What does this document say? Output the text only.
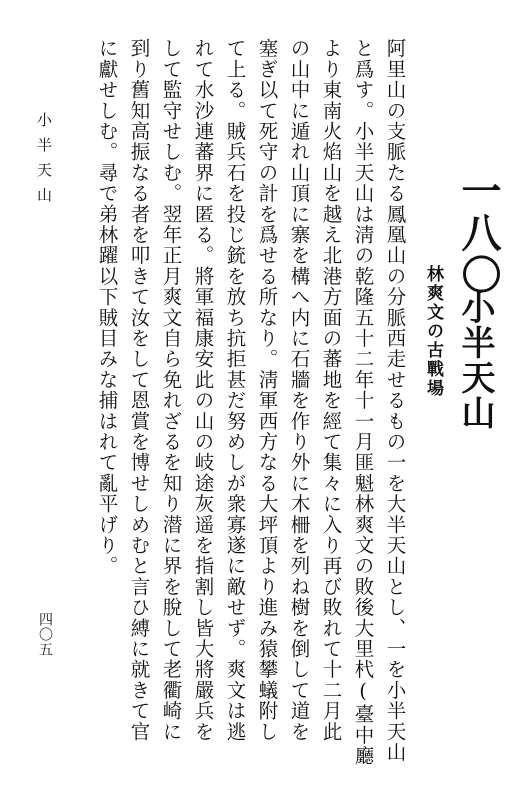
一八〇
小半天山
林爽文の古戰場
阿里山の支脈たる鳳凰山の分脈西走せるもの一を大半天山とし、一を小半天山
と爲す。小半天山は淸の乾隆五十二年十一月匪魁林爽文の敗後大里杙(臺中廳
より東南火焰山を越え北港方面の蕃地を經て集々に入り再び敗れて十二月此
の山中に遁れ山頂に寨を構へ内に石牆を作り外に木柵を列ね樹を倒して道を
塞ぎ以て死守の計を爲せる所なり。淸軍西方なる大坪頂より進み猿攀蟻附し
て上る。賊兵石を投じ銃を放ち抗拒甚だ努めしが衆寡遂に敵せず。爽文は逃
れて水沙連蕃界に匿る。將軍福康安此の山の岐途灰遥を指割し皆大將嚴兵を
して監守せしむ。翌年正月爽文自ら免れざるを知り潜に界を脫して老衢崎に
到り舊知高振なる者を叩きて汝をして恩賞を博せしめむと言ひ縛に就きて官
に獻せしむ。尋で弟林躍以下賊目みな捕はれて亂平げり。
小半天山
四〇五
